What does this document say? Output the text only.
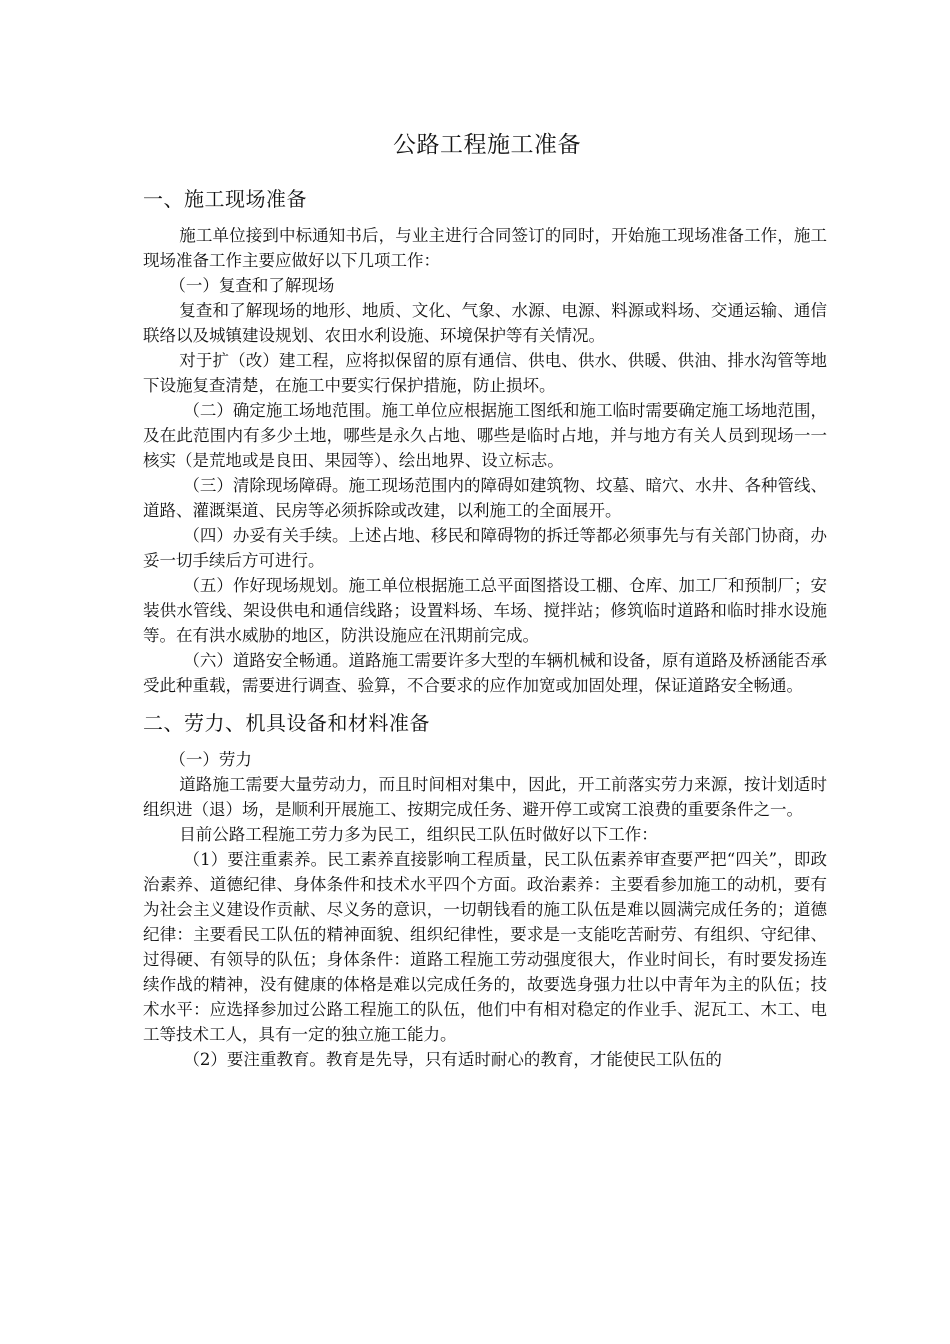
公路工程施工准备
一、施工现场准备

施工单位接到中标通知书后，与业主进行合同签订的同时，开始施工现场准备工作，施工现场准备工作主要应做好以下几项工作：

（一）复查和了解现场

复查和了解现场的地形、地质、文化、气象、水源、电源、料源或料场、交通运输、通信联络以及城镇建设规划、农田水利设施、环境保护等有关情况。

对于扩（改）建工程，应将拟保留的原有通信、供电、供水、供暖、供油、排水沟管等地下设施复查清楚，在施工中要实行保护措施，防止损坏。

（二）确定施工场地范围。施工单位应根据施工图纸和施工临时需要确定施工场地范围，及在此范围内有多少土地，哪些是永久占地、哪些是临时占地，并与地方有关人员到现场一一核实（是荒地或是良田、果园等）、绘出地界、设立标志。

（三）清除现场障碍。施工现场范围内的障碍如建筑物、坟墓、暗穴、水井、各种管线、道路、灌溉渠道、民房等必须拆除或改建，以利施工的全面展开。

（四）办妥有关手续。上述占地、移民和障碍物的拆迁等都必须事先与有关部门协商，办妥一切手续后方可进行。

（五）作好现场规划。施工单位根据施工总平面图搭设工棚、仓库、加工厂和预制厂；安装供水管线、架设供电和通信线路；设置料场、车场、搅拌站；修筑临时道路和临时排水设施等。在有洪水威胁的地区，防洪设施应在汛期前完成。

（六）道路安全畅通。道路施工需要许多大型的车辆机械和设备，原有道路及桥涵能否承受此种重载，需要进行调查、验算，不合要求的应作加宽或加固处理，保证道路安全畅通。

二、劳力、机具设备和材料准备

（一）劳力

道路施工需要大量劳动力，而且时间相对集中，因此，开工前落实劳力来源，按计划适时组织进（退）场，是顺利开展施工、按期完成任务、避开停工或窝工浪费的重要条件之一。

目前公路工程施工劳力多为民工，组织民工队伍时做好以下工作：

（1）要注重素养。民工素养直接影响工程质量，民工队伍素养审查要严把“四关”，即政治素养、道德纪律、身体条件和技术水平四个方面。政治素养：主要看参加施工的动机，要有为社会主义建设作贡献、尽义务的意识，一切朝钱看的施工队伍是难以圆满完成任务的；道德纪律：主要看民工队伍的精神面貌、组织纪律性，要求是一支能吃苦耐劳、有组织、守纪律、过得硬、有领导的队伍；身体条件：道路工程施工劳动强度很大，作业时间长，有时要发扬连续作战的精神，没有健康的体格是难以完成任务的，故要选身强力壮以中青年为主的队伍；技术水平：应选择参加过公路工程施工的队伍，他们中有相对稳定的作业手、泥瓦工、木工、电工等技术工人，具有一定的独立施工能力。

（2）要注重教育。教育是先导，只有适时耐心的教育，才能使民工队伍的
